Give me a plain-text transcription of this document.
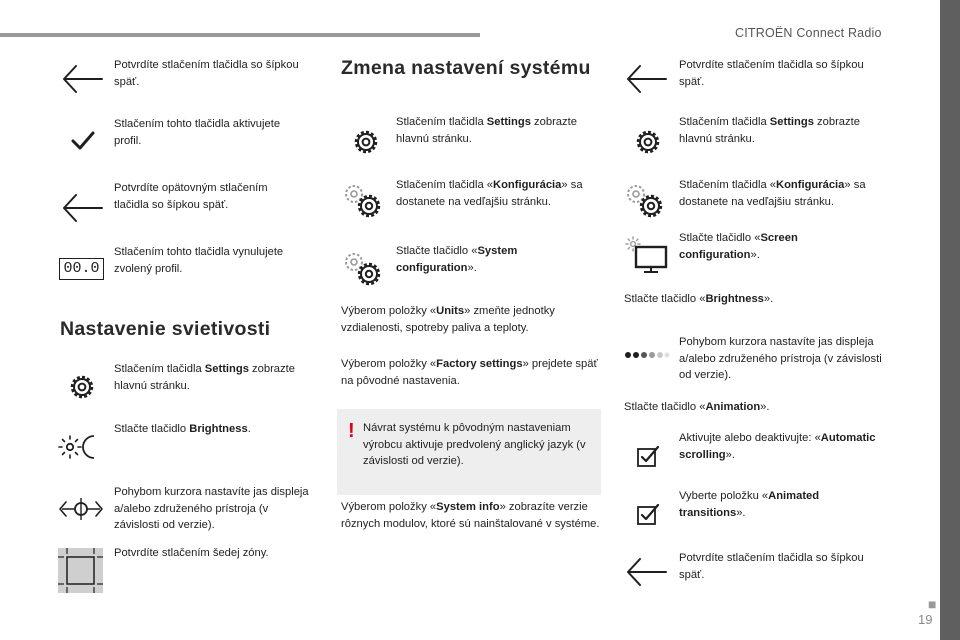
CITROËN Connect Radio
■
19
Potvrdíte stlačením tlačidla so šípkou späť.
Stlačením tohto tlačidla aktivujete profil.
Potvrdíte opätovným stlačením tlačidla so šípkou späť.
00.0
Stlačením tohto tlačidla vynulujete zvolený profil.
Nastavenie svietivosti
Stlačením tlačidla Settings zobrazte hlavnú stránku.
Stlačte tlačidlo Brightness.
Pohybom kurzora nastavíte jas displeja a/alebo združeného prístroja (v závislosti od verzie).
Potvrdíte stlačením šedej zóny.
Zmena nastavení systému
Stlačením tlačidla Settings zobrazte hlavnú stránku.
Stlačením tlačidla «Konfigurácia» sa dostanete na vedľajšiu stránku.
Stlačte tlačidlo «System configuration».
Výberom položky «Units» zmeňte jednotky vzdialenosti, spotreby paliva a teploty.
Výberom položky «Factory settings» prejdete späť na pôvodné nastavenia.
! Návrat systému k pôvodným nastaveniam výrobcu aktivuje predvolený anglický jazyk (v závislosti od verzie).
Výberom položky «System info» zobrazíte verzie rôznych modulov, ktoré sú nainštalované v systéme.
Potvrdíte stlačením tlačidla so šípkou späť.
Stlačením tlačidla Settings zobrazte hlavnú stránku.
Stlačením tlačidla «Konfigurácia» sa dostanete na vedľajšiu stránku.
Stlačte tlačidlo «Screen configuration».
Stlačte tlačidlo «Brightness».
Pohybom kurzora nastavíte jas displeja a/alebo združeného prístroja (v závislosti od verzie).
Stlačte tlačidlo «Animation».
Aktivujte alebo deaktivujte: «Automatic scrolling».
Vyberte položku «Animated transitions».
Potvrdíte stlačením tlačidla so šípkou späť.
